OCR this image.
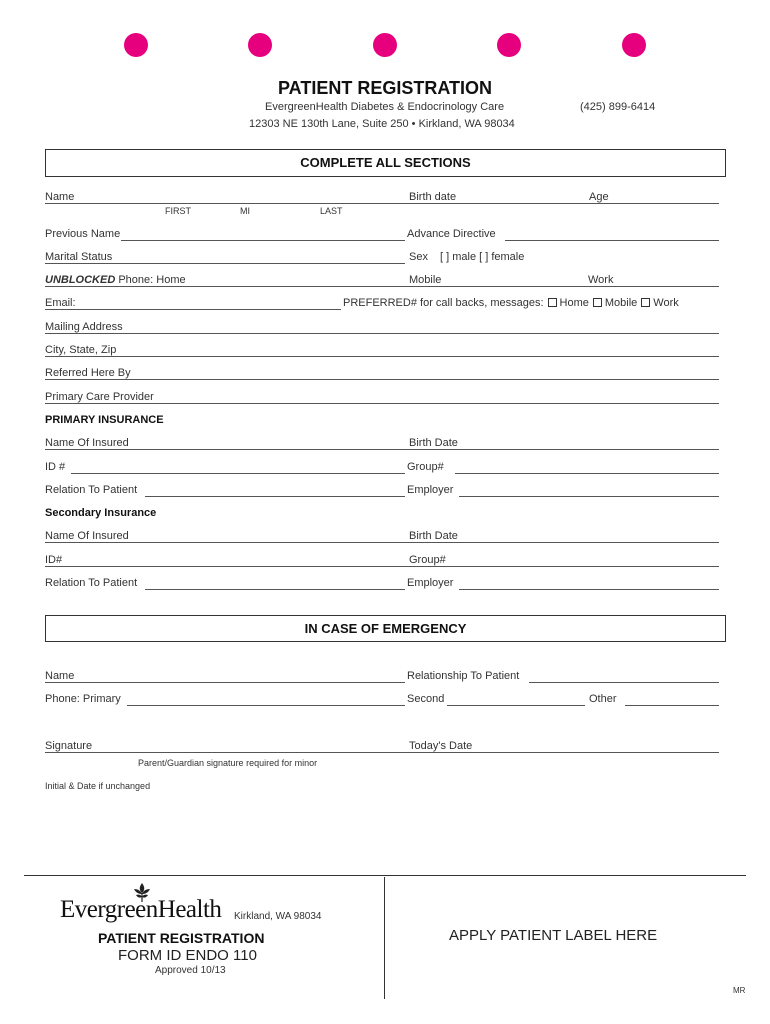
PATIENT REGISTRATION
EvergreenHealth Diabetes & Endocrinology Care	(425) 899-6414
12303 NE 130th Lane, Suite 250 • Kirkland, WA 98034
COMPLETE ALL SECTIONS
Name	Birth date	Age
FIRST	MI	LAST
Previous Name	Advance Directive
Marital Status	Sex [ ] male [ ] female
UNBLOCKED Phone: Home	Mobile	Work
Email:	PREFERRED# for call backs, messages: Home Mobile Work
Mailing Address
City, State, Zip
Referred Here By
Primary Care Provider
PRIMARY INSURANCE
Name Of Insured	Birth Date
ID #	Group#
Relation To Patient	Employer
Secondary Insurance
Name Of Insured	Birth Date
ID#	Group#
Relation To Patient	Employer
IN CASE OF EMERGENCY
Name	Relationship To Patient
Phone: Primary	Second	Other
Signature	Today's Date
Parent/Guardian signature required for minor
Initial & Date if unchanged
EvergreenHealth Kirkland, WA 98034
PATIENT REGISTRATION
FORM ID ENDO 110
Approved 10/13
APPLY PATIENT LABEL HERE
MR
